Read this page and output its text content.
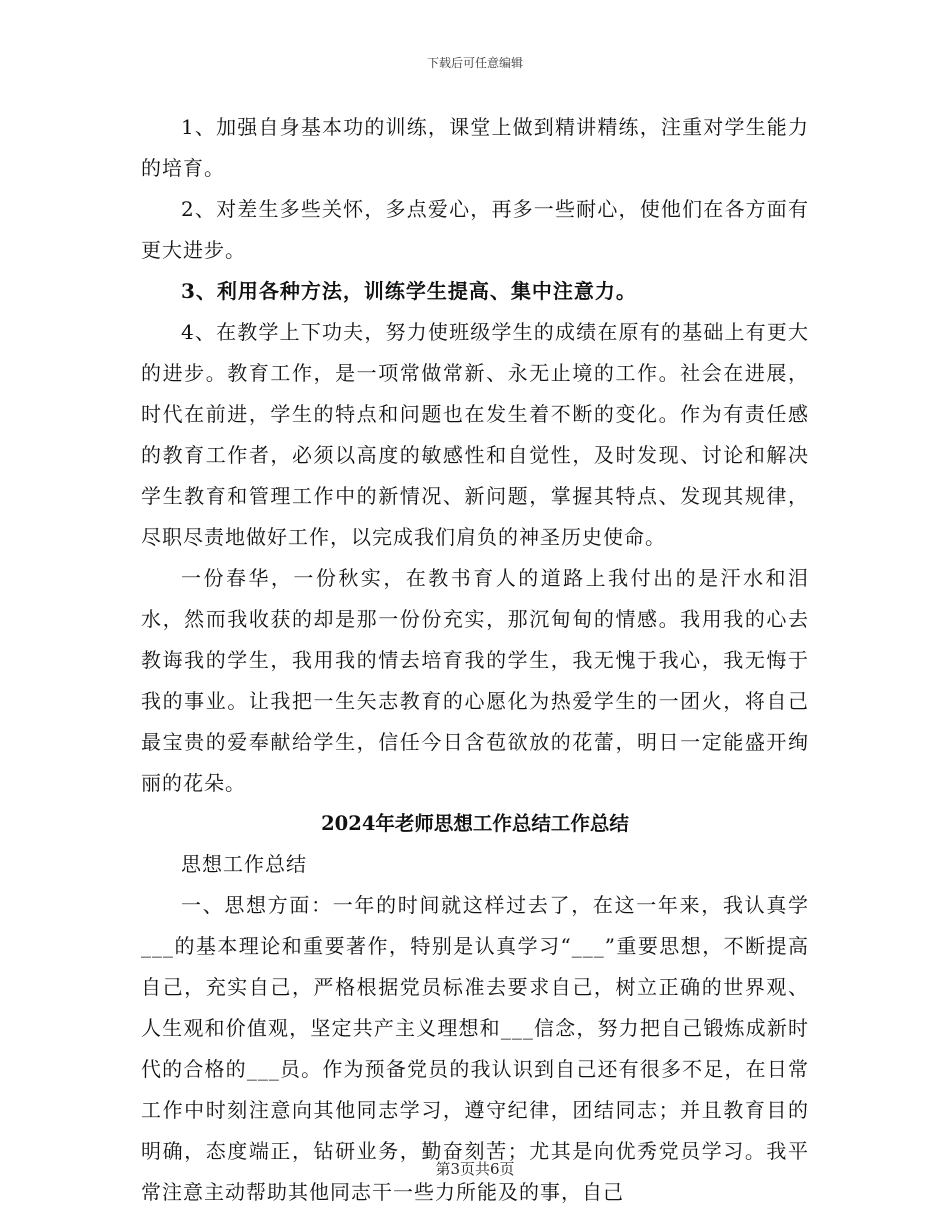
下载后可任意编辑

1、加强自身基本功的训练，课堂上做到精讲精练，注重对学生能力的培育。

2、对差生多些关怀，多点爱心，再多一些耐心，使他们在各方面有更大进步。

3、利用各种方法，训练学生提高、集中注意力。

4、在教学上下功夫，努力使班级学生的成绩在原有的基础上有更大的进步。教育工作，是一项常做常新、永无止境的工作。社会在进展，时代在前进，学生的特点和问题也在发生着不断的变化。作为有责任感的教育工作者，必须以高度的敏感性和自觉性，及时发现、讨论和解决学生教育和管理工作中的新情况、新问题，掌握其特点、发现其规律，尽职尽责地做好工作，以完成我们肩负的神圣历史使命。

一份春华，一份秋实，在教书育人的道路上我付出的是汗水和泪水，然而我收获的却是那一份份充实，那沉甸甸的情感。我用我的心去教诲我的学生，我用我的情去培育我的学生，我无愧于我心，我无悔于我的事业。让我把一生矢志教育的心愿化为热爱学生的一团火，将自己最宝贵的爱奉献给学生，信任今日含苞欲放的花蕾，明日一定能盛开绚丽的花朵。

2024年老师思想工作总结工作总结

思想工作总结

一、思想方面：一年的时间就这样过去了，在这一年来，我认真学___的基本理论和重要著作，特别是认真学习“___”重要思想，不断提高自己，充实自己，严格根据党员标准去要求自己，树立正确的世界观、人生观和价值观，坚定共产主义理想和___信念，努力把自己锻炼成新时代的合格的___员。作为预备党员的我认识到自己还有很多不足，在日常工作中时刻注意向其他同志学习，遵守纪律，团结同志；并且教育目的明确，态度端正，钻研业务，勤奋刻苦；尤其是向优秀党员学习。我平常注意主动帮助其他同志干一些力所能及的事，自己

第3页共6页
